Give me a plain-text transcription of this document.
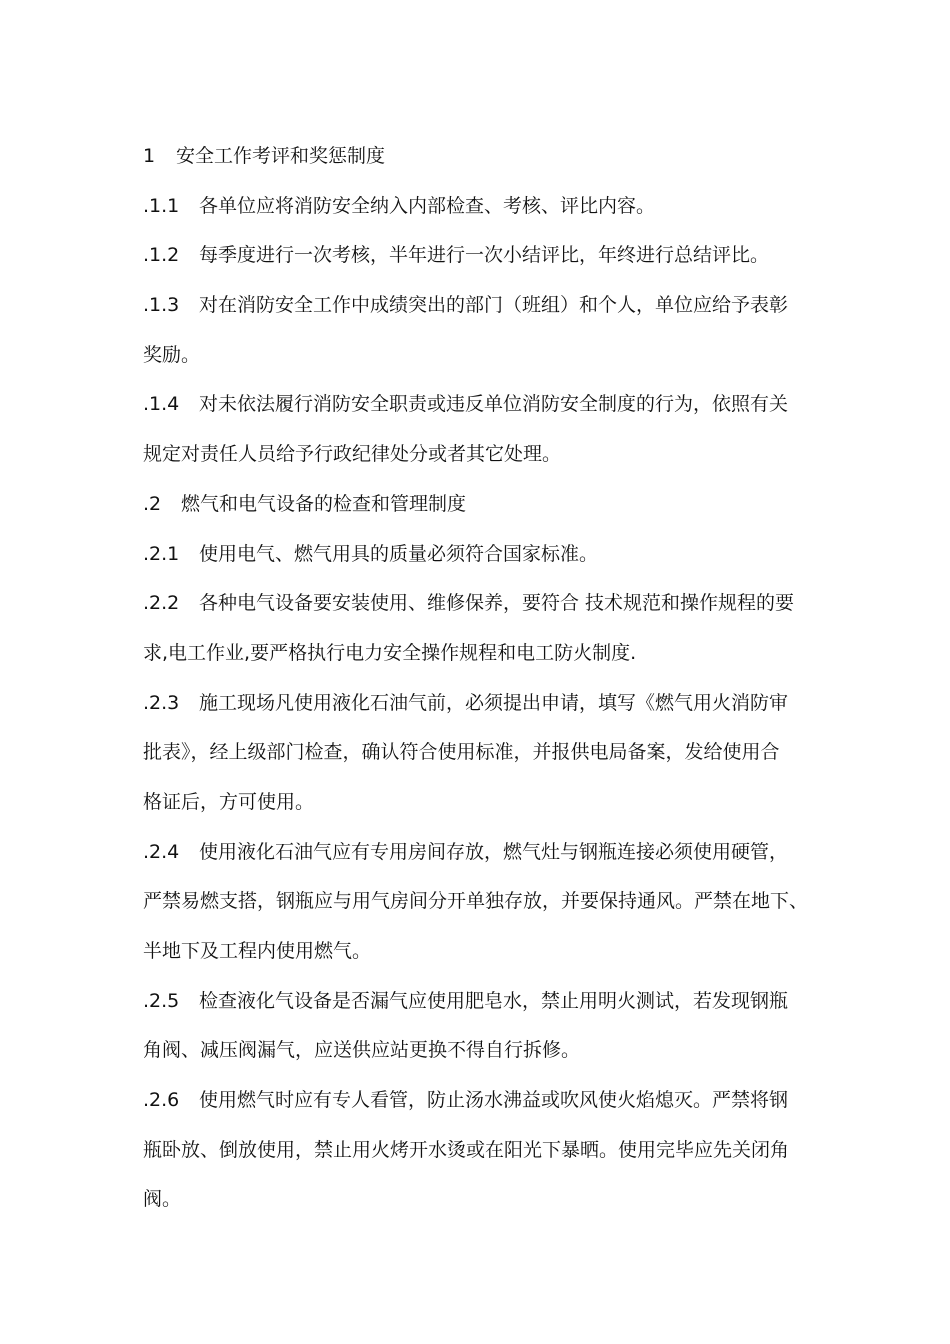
1 安全工作考评和奖惩制度
.1.1 各单位应将消防安全纳入内部检查、考核、评比内容。
.1.2 每季度进行一次考核，半年进行一次小结评比，年终进行总结评比。
.1.3 对在消防安全工作中成绩突出的部门（班组）和个人，单位应给予表彰
奖励。
.1.4 对未依法履行消防安全职责或违反单位消防安全制度的行为，依照有关
规定对责任人员给予行政纪律处分或者其它处理。
.2 燃气和电气设备的检查和管理制度
.2.1 使用电气、燃气用具的质量必须符合国家标准。
.2.2 各种电气设备要安装使用、维修保养，要符合 技术规范和操作规程的要
求,电工作业,要严格执行电力安全操作规程和电工防火制度.
.2.3 施工现场凡使用液化石油气前，必须提出申请，填写《燃气用火消防审
批表》，经上级部门检查，确认符合使用标准，并报供电局备案，发给使用合
格证后，方可使用。
.2.4 使用液化石油气应有专用房间存放，燃气灶与钢瓶连接必须使用硬管，
严禁易燃支搭，钢瓶应与用气房间分开单独存放，并要保持通风。严禁在地下、
半地下及工程内使用燃气。
.2.5 检查液化气设备是否漏气应使用肥皂水，禁止用明火测试，若发现钢瓶
角阀、减压阀漏气，应送供应站更换不得自行拆修。
.2.6 使用燃气时应有专人看管，防止汤水沸益或吹风使火焰熄灭。严禁将钢
瓶卧放、倒放使用，禁止用火烤开水烫或在阳光下暴晒。使用完毕应先关闭角
阀。
